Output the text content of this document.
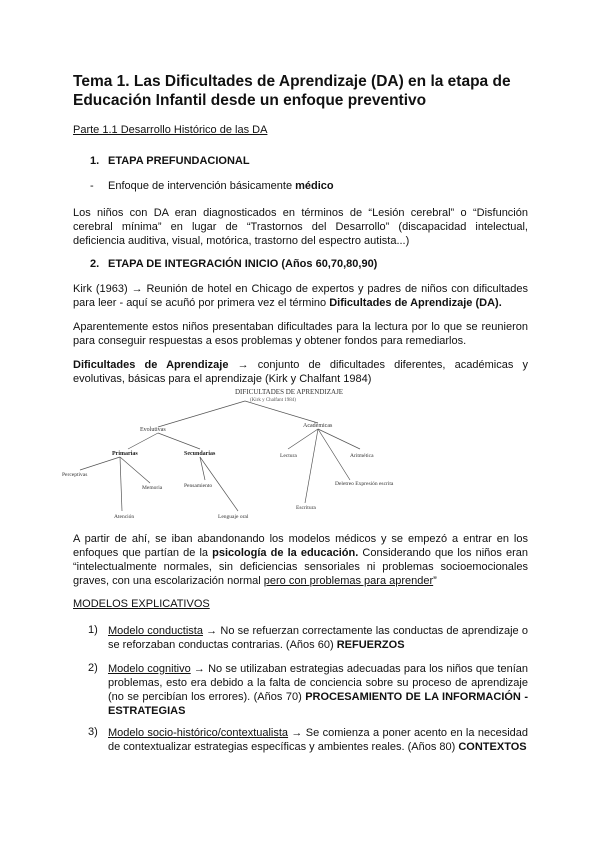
Tema 1. Las Dificultades de Aprendizaje (DA) en la etapa de Educación Infantil desde un enfoque preventivo
Parte 1.1 Desarrollo Histórico de las DA
1. ETAPA PREFUNDACIONAL
- Enfoque de intervención básicamente médico
Los niños con DA eran diagnosticados en términos de “Lesión cerebral” o “Disfunción cerebral mínima” en lugar de “Trastornos del Desarrollo” (discapacidad intelectual, deficiencia auditiva, visual, motórica, trastorno del espectro autista...)
2. ETAPA DE INTEGRACIÓN INICIO (Años 60,70,80,90)
Kirk (1963) → Reunión de hotel en Chicago de expertos y padres de niños con dificultades para leer - aquí se acuñó por primera vez el término Dificultades de Aprendizaje (DA).
Aparentemente estos niños presentaban dificultades para la lectura por lo que se reunieron para conseguir respuestas a esos problemas y obtener fondos para remediarlos.
Dificultades de Aprendizaje → conjunto de dificultades diferentes, académicas y evolutivas, básicas para el aprendizaje (Kirk y Chalfant 1984)
DIFICULTADES DE APRENDIZAJE
(Kirk y Chalfant 1984)
Evolutivas
Académicas
Primarias	Secundarias
Perceptivas
Memoria
Atención
Pensamiento
Lenguaje oral
Lectura	Aritmética
Deletreo Expresión escrita
Escritura
A partir de ahí, se iban abandonando los modelos médicos y se empezó a entrar en los enfoques que partían de la psicología de la educación. Considerando que los niños eran “intelectualmente normales, sin deficiencias sensoriales ni problemas socioemocionales graves, con una escolarización normal pero con problemas para aprender”
MODELOS EXPLICATIVOS
1) Modelo conductista → No se refuerzan correctamente las conductas de aprendizaje o se reforzaban conductas contrarias. (Años 60) REFUERZOS
2) Modelo cognitivo → No se utilizaban estrategias adecuadas para los niños que tenían problemas, esto era debido a la falta de conciencia sobre su proceso de aprendizaje (no se percibían los errores). (Años 70) PROCESAMIENTO DE LA INFORMACIÓN - ESTRATEGIAS
3) Modelo socio-histórico/contextualista → Se comienza a poner acento en la necesidad de contextualizar estrategias específicas y ambientes reales. (Años 80) CONTEXTOS
